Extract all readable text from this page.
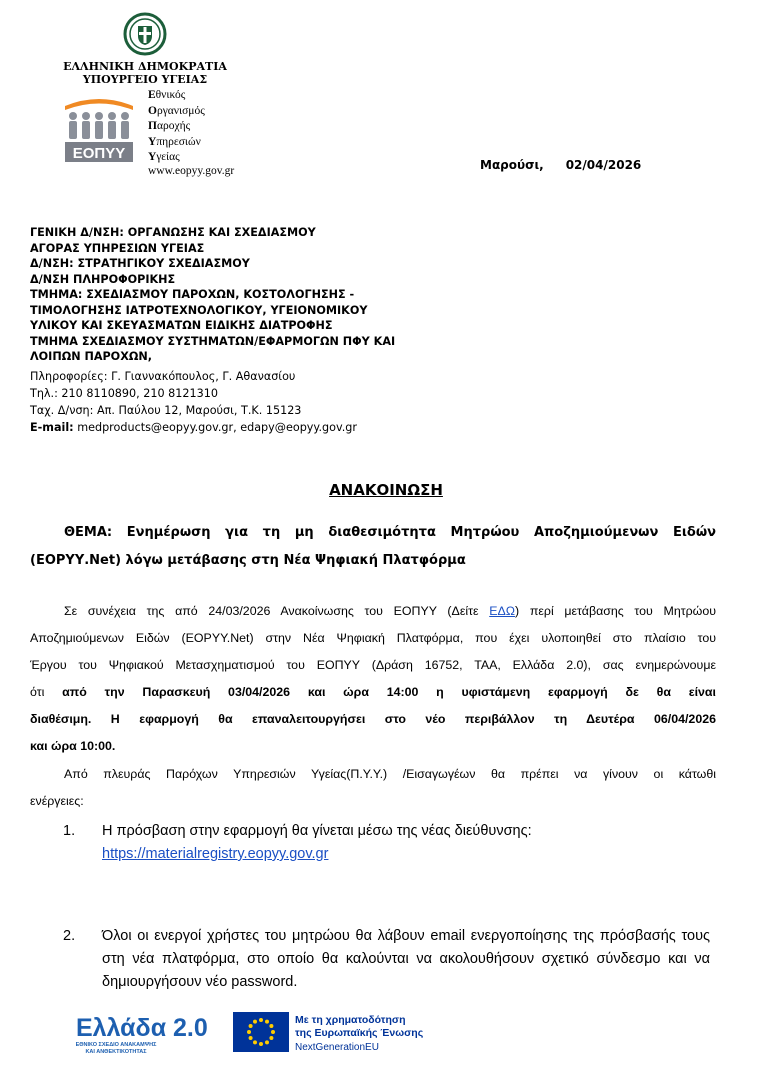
ΕΛΛΗΝΙΚΗ ΔΗΜΟΚΡΑΤΙΑ
ΥΠΟΥΡΓΕΙΟ ΥΓΕΙΑΣ
ΕΟΠΥΥ
Εθνικός
Οργανισμός
Παροχής
Υπηρεσιών
Υγείας
www.eopyy.gov.gr	Μαρούσι, 02/04/2026
ΓΕΝΙΚΗ Δ/ΝΣΗ: ΟΡΓΑΝΩΣΗΣ ΚΑΙ ΣΧΕΔΙΑΣΜΟΥ
ΑΓΟΡΑΣ ΥΠΗΡΕΣΙΩΝ ΥΓΕΙΑΣ
Δ/ΝΣΗ: ΣΤΡΑΤΗΓΙΚΟΥ ΣΧΕΔΙΑΣΜΟΥ
Δ/ΝΣΗ ΠΛΗΡΟΦΟΡΙΚΗΣ
ΤΜΗΜΑ: ΣΧΕΔΙΑΣΜΟΥ ΠΑΡΟΧΩΝ, ΚΟΣΤΟΛΟΓΗΣΗΣ -
ΤΙΜΟΛΟΓΗΣΗΣ ΙΑΤΡΟΤΕΧΝΟΛΟΓΙΚΟΥ, ΥΓΕΙΟΝΟΜΙΚΟΥ
ΥΛΙΚΟΥ ΚΑΙ ΣΚΕΥΑΣΜΑΤΩΝ ΕΙΔΙΚΗΣ ΔΙΑΤΡΟΦΗΣ
ΤΜΗΜΑ ΣΧΕΔΙΑΣΜΟΥ ΣΥΣΤΗΜΑΤΩΝ/ΕΦΑΡΜΟΓΩΝ ΠΦΥ ΚΑΙ
ΛΟΙΠΩΝ ΠΑΡΟΧΩΝ,
Πληροφορίες: Γ. Γιαννακόπουλος, Γ. Αθανασίου
Τηλ.: 210 8110890, 210 8121310
Ταχ. Δ/νση: Απ. Παύλου 12, Μαρούσι, Τ.Κ. 15123
E-mail: medproducts@eopyy.gov.gr, edapy@eopyy.gov.gr
ΑΝΑΚΟΙΝΩΣΗ
ΘΕΜΑ: Ενημέρωση για τη μη διαθεσιμότητα Μητρώου Αποζημιούμενων Ειδών
(ΕΟΡΥΥ.Net) λόγω μετάβασης στη Νέα Ψηφιακή Πλατφόρμα
Σε συνέχεια της από 24/03/2026 Ανακοίνωσης του ΕΟΠΥΥ (Δείτε ΕΔΩ) περί μετάβασης του Μητρώου
Αποζημιούμενων Ειδών (ΕΟΡΥΥ.Net) στην Νέα Ψηφιακή Πλατφόρμα, που έχει υλοποιηθεί στο πλαίσιο του
Έργου του Ψηφιακού Μετασχηματισμού του ΕΟΠΥΥ (Δράση 16752, ΤΑΑ, Ελλάδα 2.0), σας ενημερώνουμε
ότι από την Παρασκευή 03/04/2026 και ώρα 14:00 η υφιστάμενη εφαρμογή δε θα είναι
διαθέσιμη. Η εφαρμογή θα επαναλειτουργήσει στο νέο περιβάλλον τη Δευτέρα 06/04/2026
και ώρα 10:00.
Από πλευράς Παρόχων Υπηρεσιών Υγείας(Π.Υ.Υ.) /Εισαγωγέων θα πρέπει να γίνουν οι κάτωθι
ενέργειες:
1. Η πρόσβαση στην εφαρμογή θα γίνεται μέσω της νέας διεύθυνσης:
https://materialregistry.eopyy.gov.gr
2. Όλοι οι ενεργοί χρήστες του μητρώου θα λάβουν email ενεργοποίησης της πρόσβασής τους στη νέα πλατφόρμα, στο οποίο θα καλούνται να ακολουθήσουν σχετικό σύνδεσμο και να δημιουργήσουν νέο password.
Ελλάδα 2.0
ΕΘΝΙΚΟ ΣΧΕΔΙΟ ΑΝΑΚΑΜΨΗΣ
ΚΑΙ ΑΝΘΕΚΤΙΚΟΤΗΤΑΣ
Με τη χρηματοδότηση
της Ευρωπαϊκής Ένωσης
NextGenerationEU
